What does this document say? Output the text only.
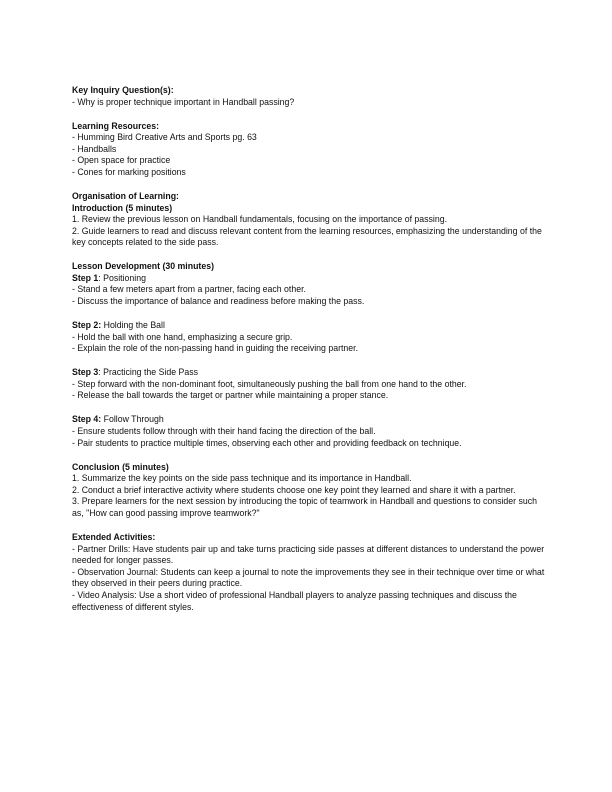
Key Inquiry Question(s):
- Why is proper technique important in Handball passing?
Learning Resources:
- Humming Bird Creative Arts and Sports pg. 63
- Handballs
- Open space for practice
- Cones for marking positions
Organisation of Learning:
Introduction (5 minutes)
1. Review the previous lesson on Handball fundamentals, focusing on the importance of passing.
2. Guide learners to read and discuss relevant content from the learning resources, emphasizing the understanding of the key concepts related to the side pass.
Lesson Development (30 minutes)
Step 1: Positioning
- Stand a few meters apart from a partner, facing each other.
- Discuss the importance of balance and readiness before making the pass.
Step 2: Holding the Ball
- Hold the ball with one hand, emphasizing a secure grip.
- Explain the role of the non-passing hand in guiding the receiving partner.
Step 3: Practicing the Side Pass
- Step forward with the non-dominant foot, simultaneously pushing the ball from one hand to the other.
- Release the ball towards the target or partner while maintaining a proper stance.
Step 4: Follow Through
- Ensure students follow through with their hand facing the direction of the ball.
- Pair students to practice multiple times, observing each other and providing feedback on technique.
Conclusion (5 minutes)
1. Summarize the key points on the side pass technique and its importance in Handball.
2. Conduct a brief interactive activity where students choose one key point they learned and share it with a partner.
3. Prepare learners for the next session by introducing the topic of teamwork in Handball and questions to consider such as, "How can good passing improve teamwork?"
Extended Activities:
- Partner Drills: Have students pair up and take turns practicing side passes at different distances to understand the power needed for longer passes.
- Observation Journal: Students can keep a journal to note the improvements they see in their technique over time or what they observed in their peers during practice.
- Video Analysis: Use a short video of professional Handball players to analyze passing techniques and discuss the effectiveness of different styles.
